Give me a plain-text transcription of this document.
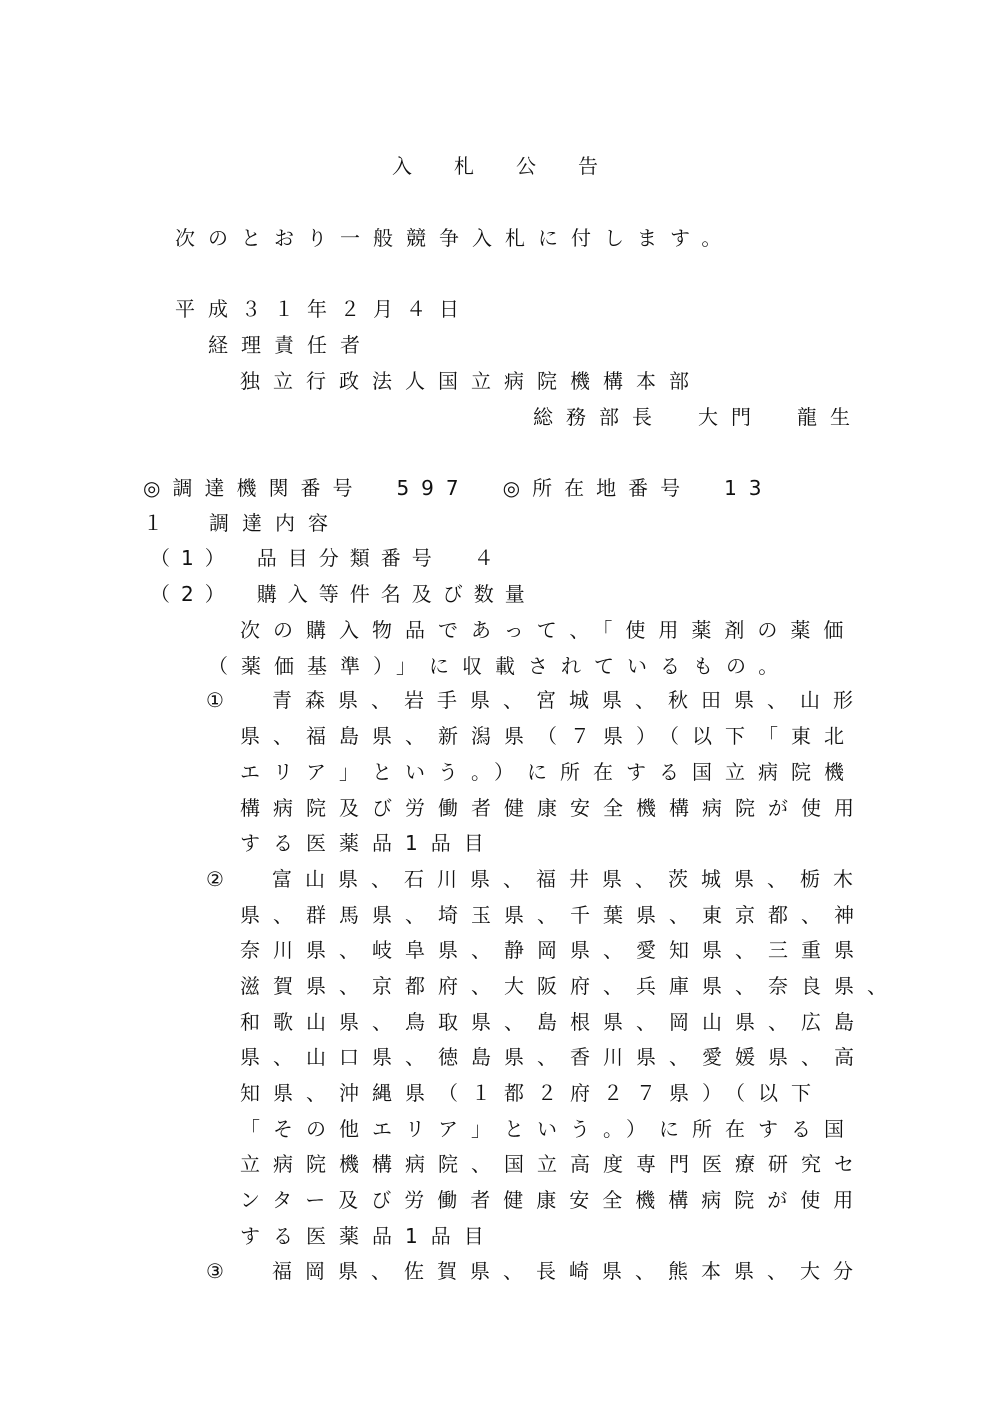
入札公告
次のとおり一般競争入札に付します。
平成３１年２月４日
経理責任者
独立行政法人国立病院機構本部
総務部長　大門　龍生
◎調達機関番号　597　◎所在地番号　13
１　調達内容
（1）　品目分類番号　４
（2）　購入等件名及び数量
次の購入物品であって、「使用薬剤の薬価
（薬価基準）」に収載されているもの。
① 青森県、岩手県、宮城県、秋田県、山形
県、福島県、新潟県（７県）（以下「東北
エリア」という。）に所在する国立病院機
構病院及び労働者健康安全機構病院が使用
する医薬品1品目
② 富山県、石川県、福井県、茨城県、栃木
県、群馬県、埼玉県、千葉県、東京都、神
奈川県、岐阜県、静岡県、愛知県、三重県
滋賀県、京都府、大阪府、兵庫県、奈良県、
和歌山県、鳥取県、島根県、岡山県、広島
県、山口県、徳島県、香川県、愛媛県、高
知県、沖縄県（１都２府２７県）（以下
「その他エリア」という。）に所在する国
立病院機構病院、国立高度専門医療研究セ
ンター及び労働者健康安全機構病院が使用
する医薬品1品目
③ 福岡県、佐賀県、長崎県、熊本県、大分
